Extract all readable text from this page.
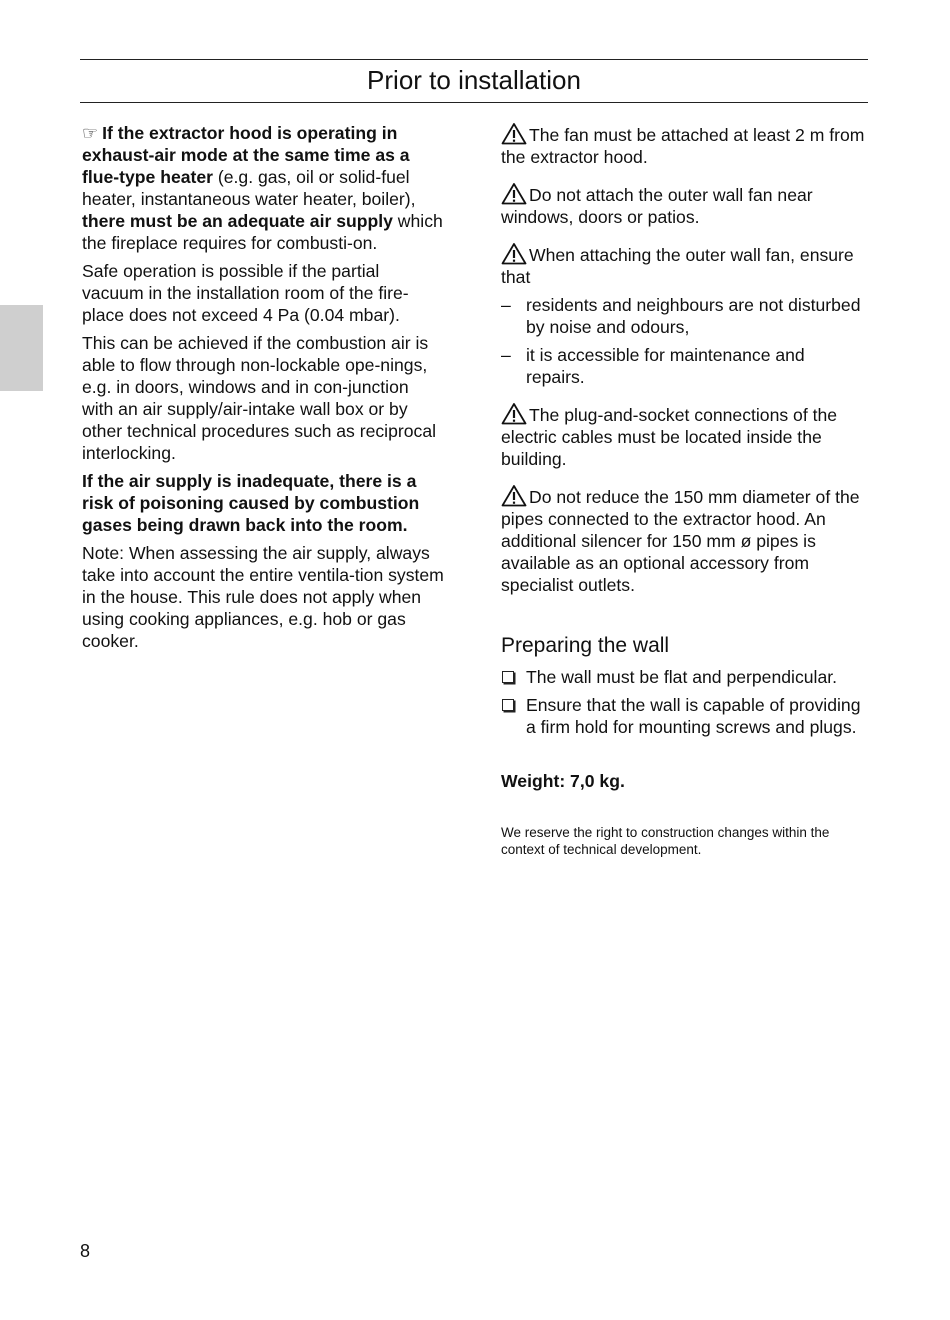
Prior to installation

☞ If the extractor hood is operating in exhaust-air mode at the same time as a flue-type heater (e.g. gas, oil or solid-fuel heater, instantaneous water heater, boiler), there must be an adequate air supply which the fireplace requires for combusti-on.

Safe operation is possible if the partial vacuum in the installation room of the fire-place does not exceed 4 Pa (0.04 mbar).

This can be achieved if the combustion air is able to flow through non-lockable ope-nings, e.g. in doors, windows and in con-junction with an air supply/air-intake wall box or by other technical procedures such as reciprocal interlocking.

If the air supply is inadequate, there is a risk of poisoning caused by combustion gases being drawn back into the room.

Note: When assessing the air supply, always take into account the entire ventila-tion system in the house. This rule does not apply when using cooking appliances, e.g. hob or gas cooker.

The fan must be attached at least 2 m from the extractor hood.
Do not attach the outer wall fan near windows, doors or patios.
When attaching the outer wall fan, ensure that
– residents and neighbours are not disturbed by noise and odours,
– it is accessible for maintenance and repairs.
The plug-and-socket connections of the electric cables must be located inside the building.
Do not reduce the 150 mm diameter of the pipes connected to the extractor hood. An additional silencer for 150 mm ø pipes is available as an optional accessory from specialist outlets.
Preparing the wall
The wall must be flat and perpendicular.
Ensure that the wall is capable of providing a firm hold for mounting screws and plugs.
Weight: 7,0 kg.
We reserve the right to construction changes within the context of technical development.
8
